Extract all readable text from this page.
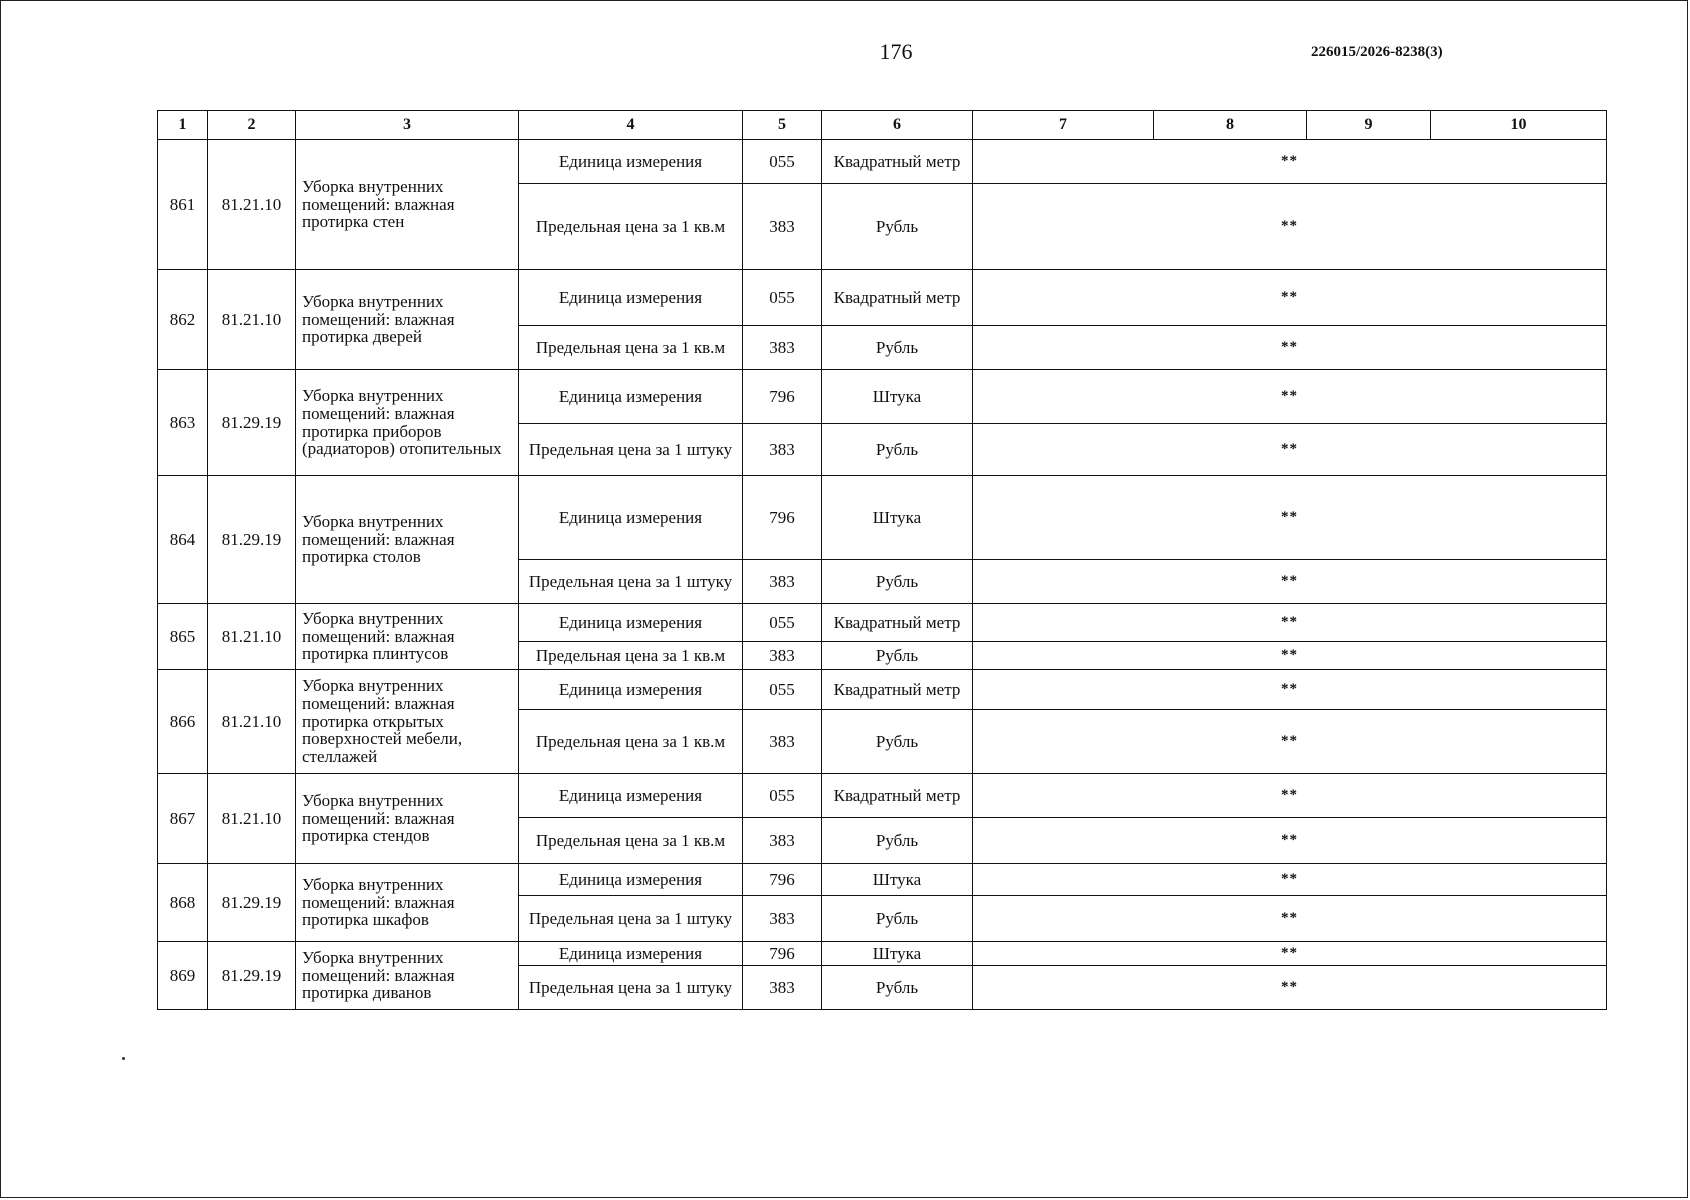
176	226015/2026-8238(3)
1	2	3	4	5	6	7	8	9	10
861	81.21.10	Уборка внутренних помещений: влажная протирка стен	Единица измерения	055	Квадратный метр	**			
			Предельная цена за 1 кв.м	383	Рубль	**			
862	81.21.10	Уборка внутренних помещений: влажная протирка дверей	Единица измерения	055	Квадратный метр	**			
			Предельная цена за 1 кв.м	383	Рубль	**			
863	81.29.19	Уборка внутренних помещений: влажная протирка приборов (радиаторов) отопительных	Единица измерения	796	Штука	**			
			Предельная цена за 1 штуку	383	Рубль	**			
864	81.29.19	Уборка внутренних помещений: влажная протирка столов	Единица измерения	796	Штука	**			
			Предельная цена за 1 штуку	383	Рубль	**			
865	81.21.10	Уборка внутренних помещений: влажная протирка плинтусов	Единица измерения	055	Квадратный метр	**			
			Предельная цена за 1 кв.м	383	Рубль	**			
866	81.21.10	Уборка внутренних помещений: влажная протирка открытых поверхностей мебели, стеллажей	Единица измерения	055	Квадратный метр	**			
			Предельная цена за 1 кв.м	383	Рубль	**			
867	81.21.10	Уборка внутренних помещений: влажная протирка стендов	Единица измерения	055	Квадратный метр	**			
			Предельная цена за 1 кв.м	383	Рубль	**			
868	81.29.19	Уборка внутренних помещений: влажная протирка шкафов	Единица измерения	796	Штука	**			
			Предельная цена за 1 штуку	383	Рубль	**			
869	81.29.19	Уборка внутренних помещений: влажная протирка диванов	Единица измерения	796	Штука	**			
			Предельная цена за 1 штуку	383	Рубль	**			
